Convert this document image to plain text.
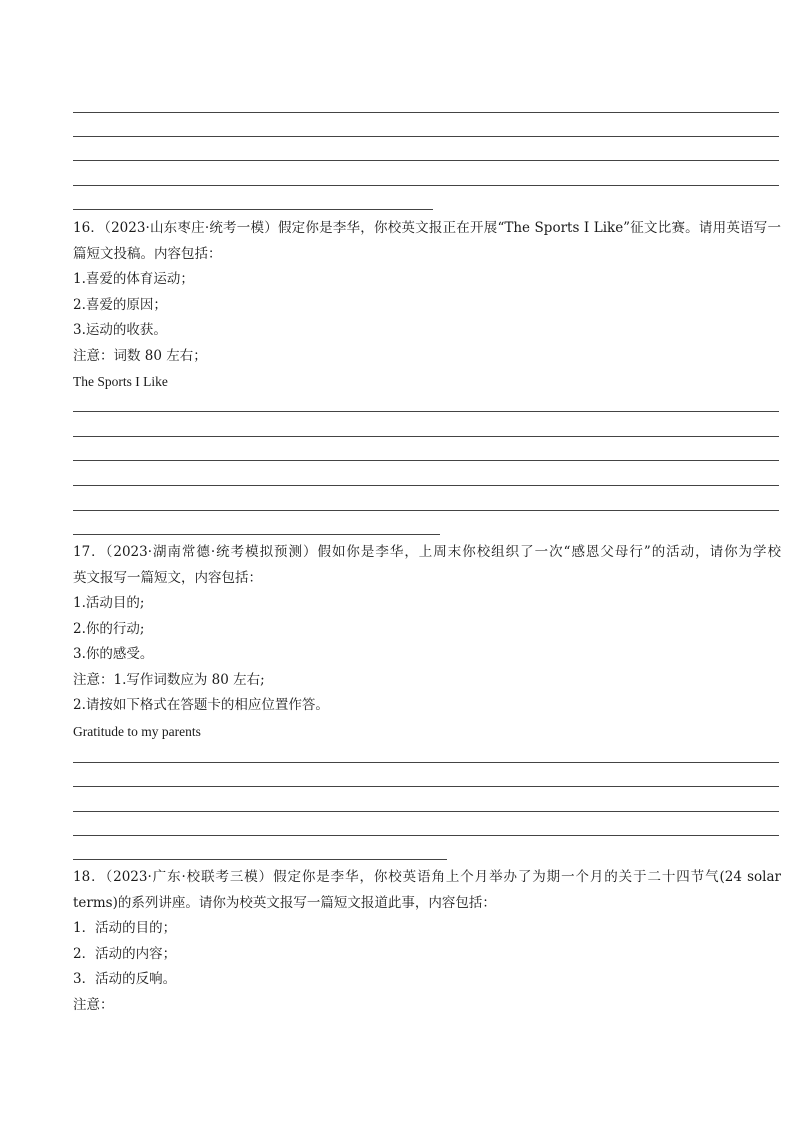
16．（2023·山东枣庄·统考一模）假定你是李华，你校英文报正在开展“The Sports I Like”征文比赛。请用英语写一

篇短文投稿。内容包括：

1.喜爱的体育运动；

2.喜爱的原因；

3.运动的收获。

注意：词数 80 左右；

The Sports I Like

17．（2023·湖南常德·统考模拟预测）假如你是李华，上周末你校组织了一次“感恩父母行”的活动，请你为学校

英文报写一篇短文，内容包括：

1.活动目的;

2.你的行动;

3.你的感受。

注意：1.写作词数应为 80 左右;

2.请按如下格式在答题卡的相应位置作答。

Gratitude to my parents

18．（2023·广东·校联考三模）假定你是李华，你校英语角上个月举办了为期一个月的关于二十四节气(24 solar

terms)的系列讲座。请你为校英文报写一篇短文报道此事，内容包括：

1．活动的目的；

2．活动的内容；

3．活动的反响。

注意：
